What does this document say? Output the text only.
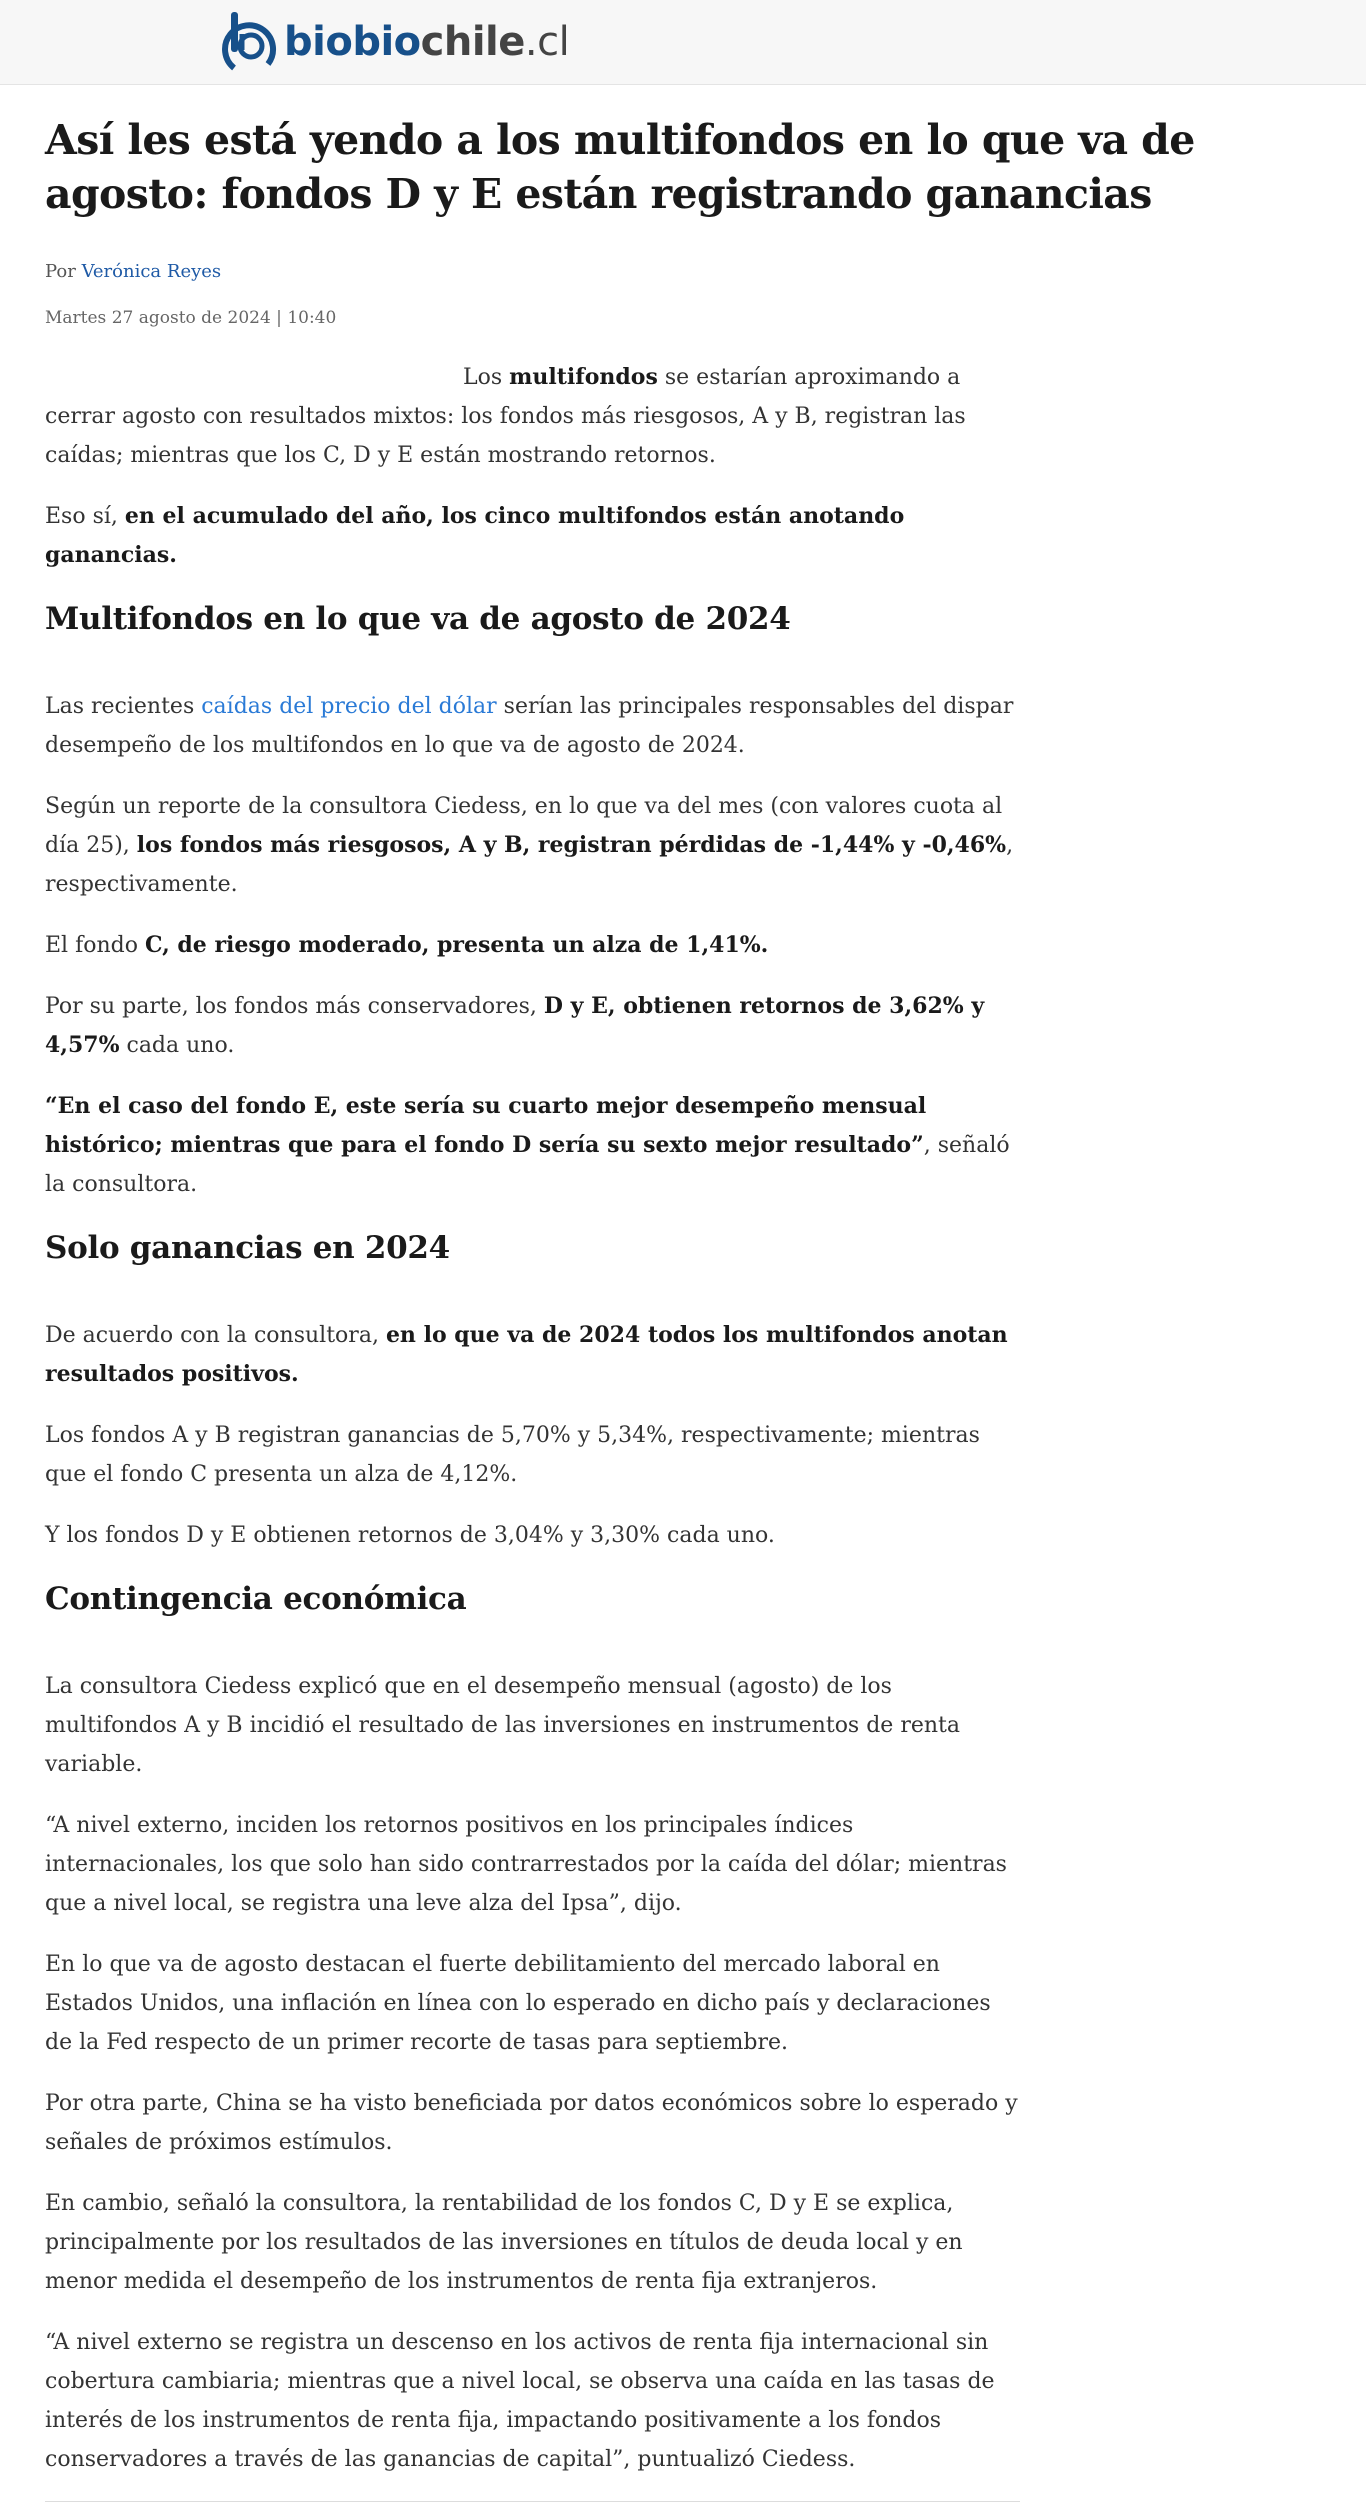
biobiochile.cl
Así les está yendo a los multifondos en lo que va de agosto: fondos D y E están registrando ganancias
Por Verónica Reyes
Martes 27 agosto de 2024 | 10:40

Los multifondos se estarían aproximando a cerrar agosto con resultados mixtos: los fondos más riesgosos, A y B, registran las caídas; mientras que los C, D y E están mostrando retornos.

Eso sí, en el acumulado del año, los cinco multifondos están anotando ganancias.

Multifondos en lo que va de agosto de 2024

Las recientes caídas del precio del dólar serían las principales responsables del dispar desempeño de los multifondos en lo que va de agosto de 2024.

Según un reporte de la consultora Ciedess, en lo que va del mes (con valores cuota al día 25), los fondos más riesgosos, A y B, registran pérdidas de -1,44% y -0,46%, respectivamente.

El fondo C, de riesgo moderado, presenta un alza de 1,41%.

Por su parte, los fondos más conservadores, D y E, obtienen retornos de 3,62% y 4,57% cada uno.

“En el caso del fondo E, este sería su cuarto mejor desempeño mensual histórico; mientras que para el fondo D sería su sexto mejor resultado”, señaló la consultora.

Solo ganancias en 2024

De acuerdo con la consultora, en lo que va de 2024 todos los multifondos anotan resultados positivos.

Los fondos A y B registran ganancias de 5,70% y 5,34%, respectivamente; mientras que el fondo C presenta un alza de 4,12%.

Y los fondos D y E obtienen retornos de 3,04% y 3,30% cada uno.

Contingencia económica

La consultora Ciedess explicó que en el desempeño mensual (agosto) de los multifondos A y B incidió el resultado de las inversiones en instrumentos de renta variable.

“A nivel externo, inciden los retornos positivos en los principales índices internacionales, los que solo han sido contrarrestados por la caída del dólar; mientras que a nivel local, se registra una leve alza del Ipsa”, dijo.

En lo que va de agosto destacan el fuerte debilitamiento del mercado laboral en Estados Unidos, una inflación en línea con lo esperado en dicho país y declaraciones de la Fed respecto de un primer recorte de tasas para septiembre.

Por otra parte, China se ha visto beneficiada por datos económicos sobre lo esperado y señales de próximos estímulos.

En cambio, señaló la consultora, la rentabilidad de los fondos C, D y E se explica, principalmente por los resultados de las inversiones en títulos de deuda local y en menor medida el desempeño de los instrumentos de renta fija extranjeros.

“A nivel externo se registra un descenso en los activos de renta fija internacional sin cobertura cambiaria; mientras que a nivel local, se observa una caída en las tasas de interés de los instrumentos de renta fija, impactando positivamente a los fondos conservadores a través de las ganancias de capital”, puntualizó Ciedess.
